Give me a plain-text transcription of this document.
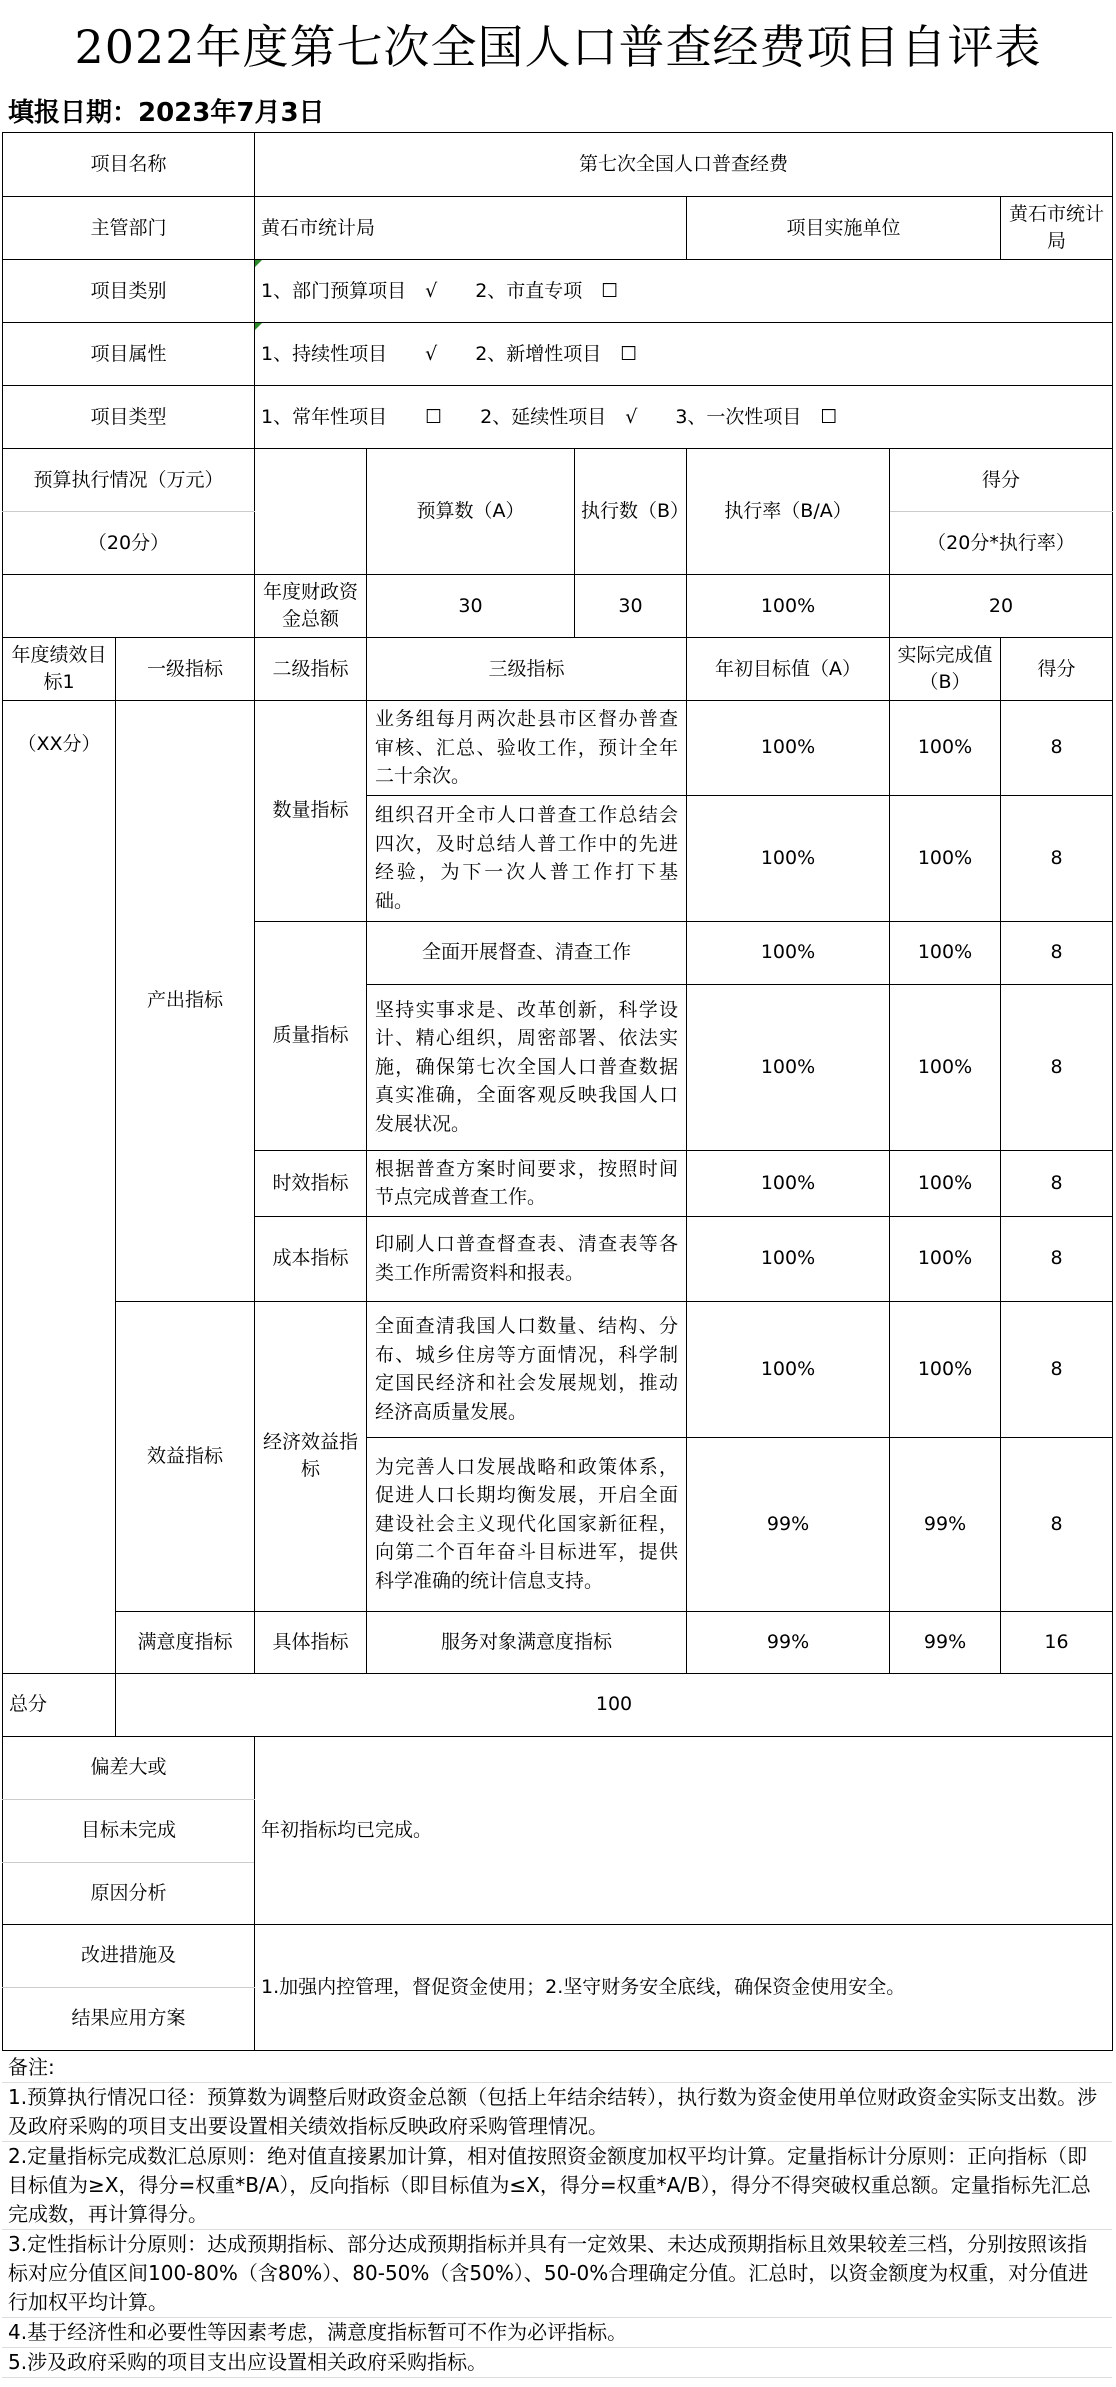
2022年度第七次全国人口普查经费项目自评表
填报日期：2023年7月3日
项目名称		第七次全国人口普查经费					
主管部门		黄石市统计局			项目实施单位		黄石市统计局
项目类别		1、部门预算项目　√　　2、市直专项　☐					
项目属性		1、持续性项目　　√　　2、新增性项目　☐					
项目类型		1、常年性项目　　☐　　2、延续性项目　√　　3、一次性项目　☐					
预算执行情况（万元）			预算数（A）	执行数（B）	执行率（B/A）	得分	
（20分）						（20分*执行率）	
		年度财政资金总额	30	30	100%	20	
年度绩效目标1	一级指标	二级指标	三级指标		年初目标值（A）	实际完成值（B）	得分
（XX分）	产出指标	数量指标	业务组每月两次赴县市区督办普查审核、汇总、验收工作，预计全年二十余次。		100%	100%	8
			组织召开全市人口普查工作总结会四次，及时总结人普工作中的先进经验，为下一次人普工作打下基础。		100%	100%	8
		质量指标	全面开展督查、清查工作		100%	100%	8
			坚持实事求是、改革创新，科学设计、精心组织，周密部署、依法实施，确保第七次全国人口普查数据真实准确，全面客观反映我国人口发展状况。		100%	100%	8
		时效指标	根据普查方案时间要求，按照时间节点完成普查工作。		100%	100%	8
		成本指标	印刷人口普查督查表、清查表等各类工作所需资料和报表。		100%	100%	8
	效益指标	经济效益指标	全面查清我国人口数量、结构、分布、城乡住房等方面情况，科学制定国民经济和社会发展规划，推动经济高质量发展。		100%	100%	8
			为完善人口发展战略和政策体系，促进人口长期均衡发展，开启全面建设社会主义现代化国家新征程，向第二个百年奋斗目标进军，提供科学准确的统计信息支持。		99%	99%	8
	满意度指标	具体指标	服务对象满意度指标		99%	99%	16
总分	100						
偏差大或		年初指标均已完成。					
目标未完成							
原因分析							
改进措施及		1.加强内控管理，督促资金使用；2.坚守财务安全底线，确保资金使用安全。					
结果应用方案							
备注:
1.预算执行情况口径：预算数为调整后财政资金总额（包括上年结余结转），执行数为资金使用单位财政资金实际支出数。涉及政府采购的项目支出要设置相关绩效指标反映政府采购管理情况。
2.定量指标完成数汇总原则：绝对值直接累加计算，相对值按照资金额度加权平均计算。定量指标计分原则：正向指标（即目标值为≥X，得分=权重*B/A），反向指标（即目标值为≤X，得分=权重*A/B），得分不得突破权重总额。定量指标先汇总完成数，再计算得分。
3.定性指标计分原则：达成预期指标、部分达成预期指标并具有一定效果、未达成预期指标且效果较差三档，分别按照该指标对应分值区间100-80%（含80%）、80-50%（含50%）、50-0%合理确定分值。汇总时，以资金额度为权重，对分值进行加权平均计算。
4.基于经济性和必要性等因素考虑，满意度指标暂可不作为必评指标。
5.涉及政府采购的项目支出应设置相关政府采购指标。
